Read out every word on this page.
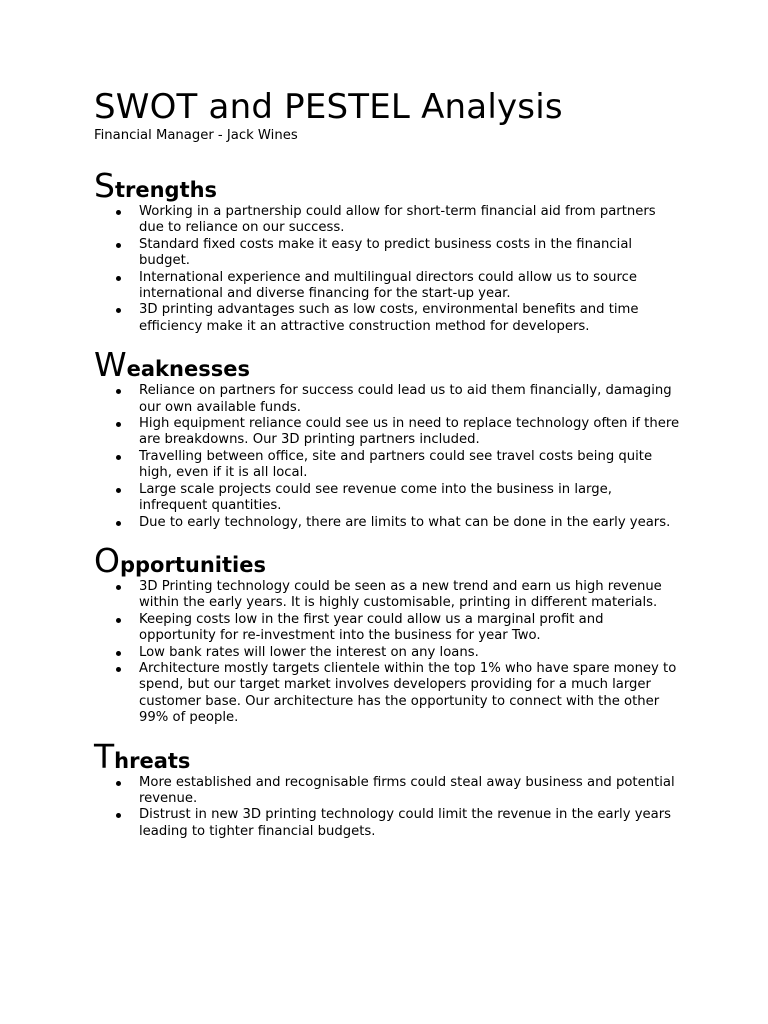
SWOT and PESTEL Analysis

Financial Manager - Jack Wines

Strengths
Working in a partnership could allow for short-term financial aid from partners due to reliance on our success.
Standard fixed costs make it easy to predict business costs in the financial budget.
International experience and multilingual directors could allow us to source international and diverse financing for the start-up year.
3D printing advantages such as low costs, environmental benefits and time efficiency make it an attractive construction method for developers.
Weaknesses
Reliance on partners for success could lead us to aid them financially, damaging our own available funds.
High equipment reliance could see us in need to replace technology often if there are breakdowns. Our 3D printing partners included.
Travelling between office, site and partners could see travel costs being quite high, even if it is all local.
Large scale projects could see revenue come into the business in large, infrequent quantities.
Due to early technology, there are limits to what can be done in the early years.
Opportunities
3D Printing technology could be seen as a new trend and earn us high revenue within the early years. It is highly customisable, printing in different materials.
Keeping costs low in the first year could allow us a marginal profit and opportunity for re-investment into the business for year Two.
Low bank rates will lower the interest on any loans.
Architecture mostly targets clientele within the top 1% who have spare money to spend, but our target market involves developers providing for a much larger customer base. Our architecture has the opportunity to connect with the other 99% of people.
Threats
More established and recognisable firms could steal away business and potential revenue.
Distrust in new 3D printing technology could limit the revenue in the early years leading to tighter financial budgets.
